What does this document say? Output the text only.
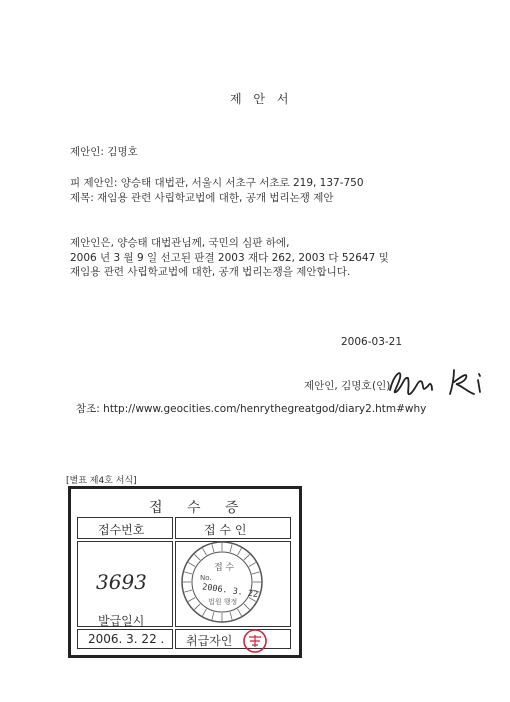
제 안 서
제안인: 김명호
피 제안인: 양승태 대법관, 서울시 서초구 서초로 219, 137-750
제목: 재임용 관련 사립학교법에 대한, 공개 법리논쟁 제안
제안인은, 양승태 대법관님께, 국민의 심판 하에,
2006 년 3 월 9 일 선고된 판결 2003 재다 262, 2003 다 52647 및
재임용 관련 사립학교법에 대한, 공개 법리논쟁을 제안합니다.
2006-03-21
제안인, 김명호 (인)
참조: http://www.geocities.com/henrythegreatgod/diary2.htm#why
[별표 제4호 서식]
접 수 증
접수번호	접 수 인
3693
발급일시
2006. 3. 22 . 취급자인
접 수
No.
2006. 3. 22
법원 행정
